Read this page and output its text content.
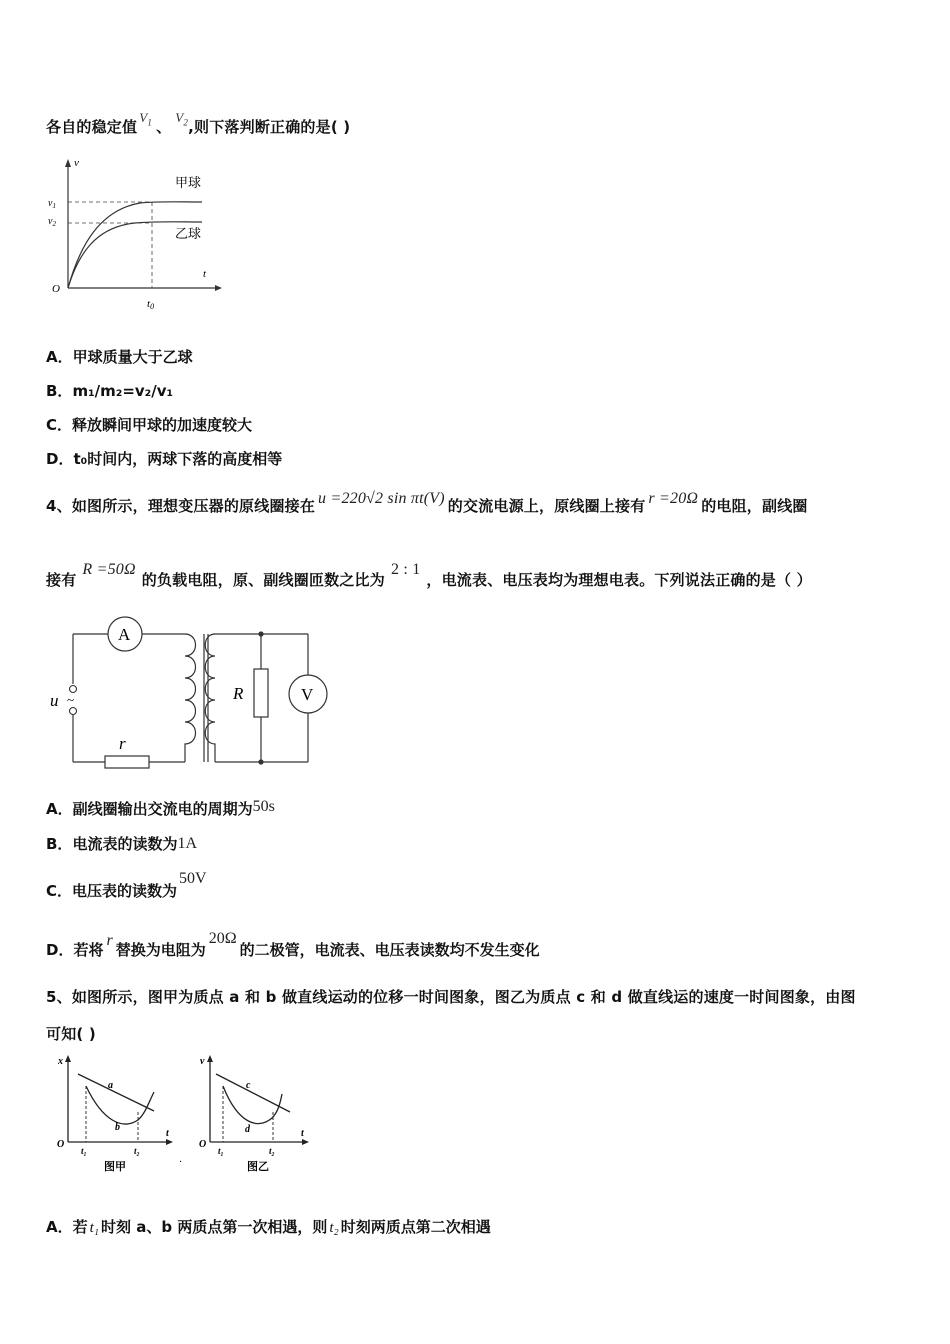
各自的稳定值$V_1$ 、$V_2$,则下落判断正确的是( )
v
t
O
$v_1$
$v_2$
t0
甲球
乙球
A．甲球质量大于乙球
B．m₁/m₂=v₂/v₁
C．释放瞬间甲球的加速度较大
D．t₀时间内，两球下落的高度相等
4、如图所示，理想变压器的原线圈接在 u =220√2 sin πt(V) 的交流电源上，原线圈上接有 r =20Ω 的电阻，副线圈
接有R =50Ω的负载电阻，原、副线圈匝数之比为2 : 1，电流表、电压表均为理想电表。下列说法正确的是（ ）
u ~
A
r
R	V
A．副线圈输出交流电的周期为50s
B．电流表的读数为1A
C．电压表的读数为50V
D．若将r替换为电阻为20Ω的二极管，电流表、电压表读数均不发生变化
5、如图所示，图甲为质点 a 和 b 做直线运动的位移一时间图象，图乙为质点 c 和 d 做直线运的速度一时间图象，由图
可知( )
x
t
O
a
b
t₁	t₂
图甲	·
v
t
O
c
d
t₁	t₂
图乙
A．若 t₁ 时刻 a、b 两质点第一次相遇，则 t₂ 时刻两质点第二次相遇
